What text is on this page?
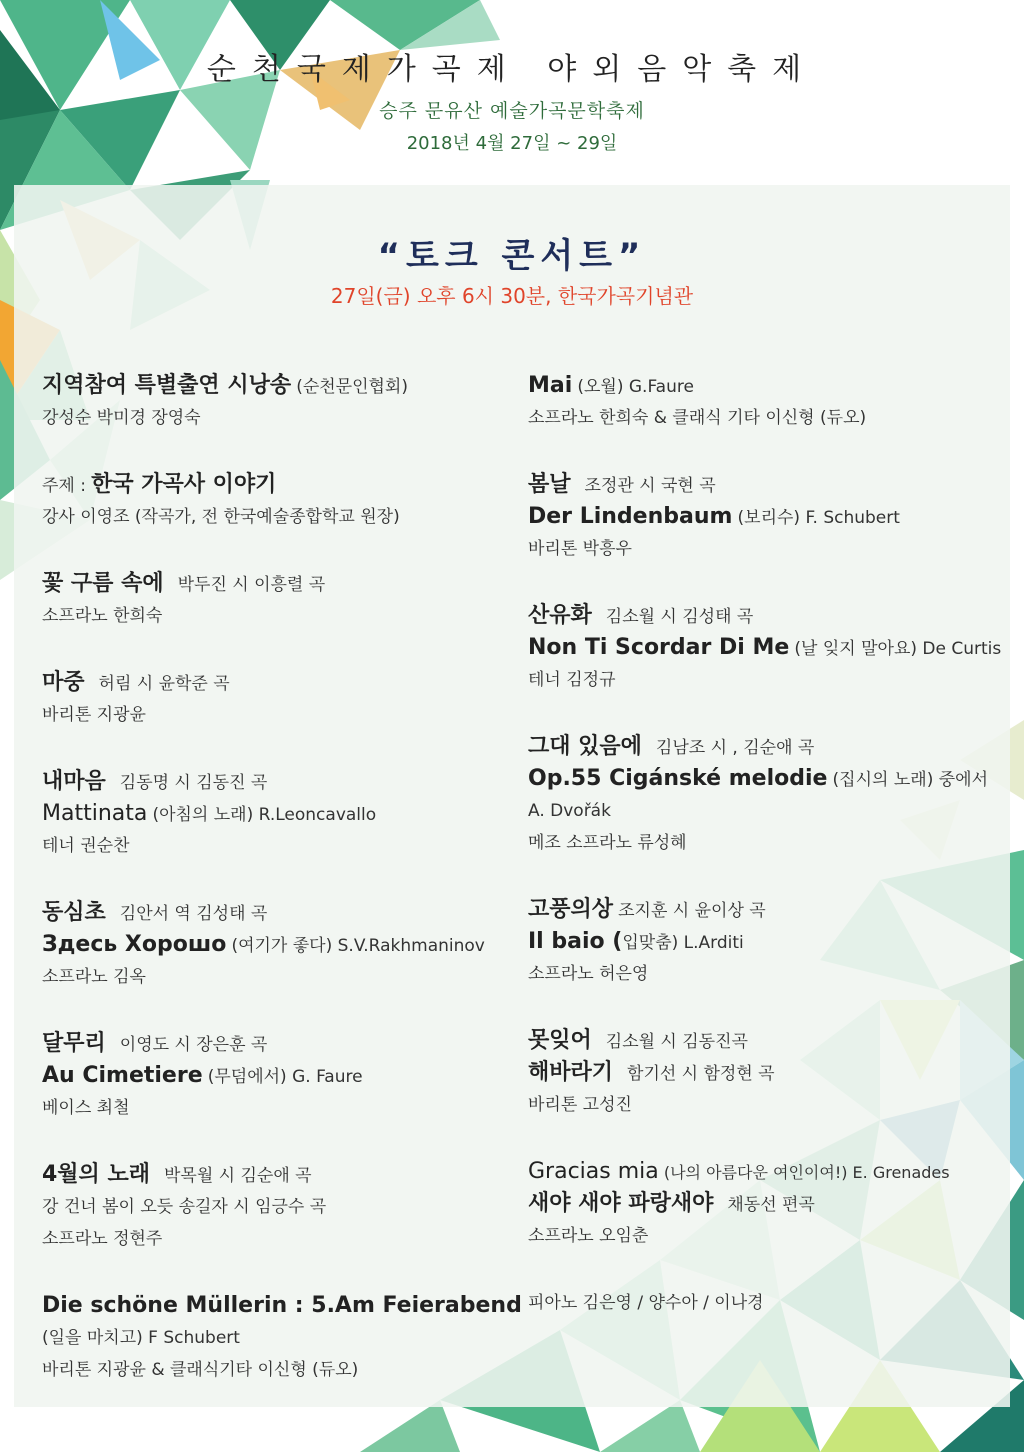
순천국제가곡제 야외음악축제
승주 문유산 예술가곡문학축제
2018년 4월 27일 ~ 29일
“토크 콘서트”
27일(금) 오후 6시 30분, 한국가곡기념관
지역참여 특별출연 시낭송 (순천문인협회)
강성순 박미경 장영숙
주제 : 한국 가곡사 이야기
강사 이영조 (작곡가, 전 한국예술종합학교 원장)
꽃 구름 속에 박두진 시 이흥렬 곡
소프라노 한희숙
마중 허림 시 윤학준 곡
바리톤 지광윤
내마음 김동명 시 김동진 곡
Mattinata (아침의 노래) R.Leoncavallo
테너 권순찬
동심초 김안서 역 김성태 곡
Здесь Хорошо (여기가 좋다) S.V.Rakhmaninov
소프라노 김옥
달무리 이영도 시 장은훈 곡
Au Cimetiere (무덤에서) G. Faure
베이스 최철
4월의 노래 박목월 시 김순애 곡
강 건너 봄이 오듯 송길자 시 임긍수 곡
소프라노 정현주
Die schöne Müllerin : 5.Am Feierabend
(일을 마치고) F Schubert
바리톤 지광윤 & 클래식기타 이신형 (듀오)
Mai (오월) G.Faure
소프라노 한희숙 & 클래식 기타 이신형 (듀오)
봄날 조정관 시 국현 곡
Der Lindenbaum (보리수) F. Schubert
바리톤 박흥우
산유화 김소월 시 김성태 곡
Non Ti Scordar Di Me (날 잊지 말아요) De Curtis
테너 김정규
그대 있음에 김남조 시 , 김순애 곡
Op.55 Cigánské melodie (집시의 노래) 중에서
A. Dvořák
메조 소프라노 류성혜
고풍의상 조지훈 시 윤이상 곡
Il baio (입맞춤) L.Arditi
소프라노 허은영
못잊어 김소월 시 김동진곡
해바라기 함기선 시 함정현 곡
바리톤 고성진
Gracias mia (나의 아름다운 여인이여!) E. Grenades
새야 새야 파랑새야 채동선 편곡
소프라노 오임춘
피아노 김은영 / 양수아 / 이나경
